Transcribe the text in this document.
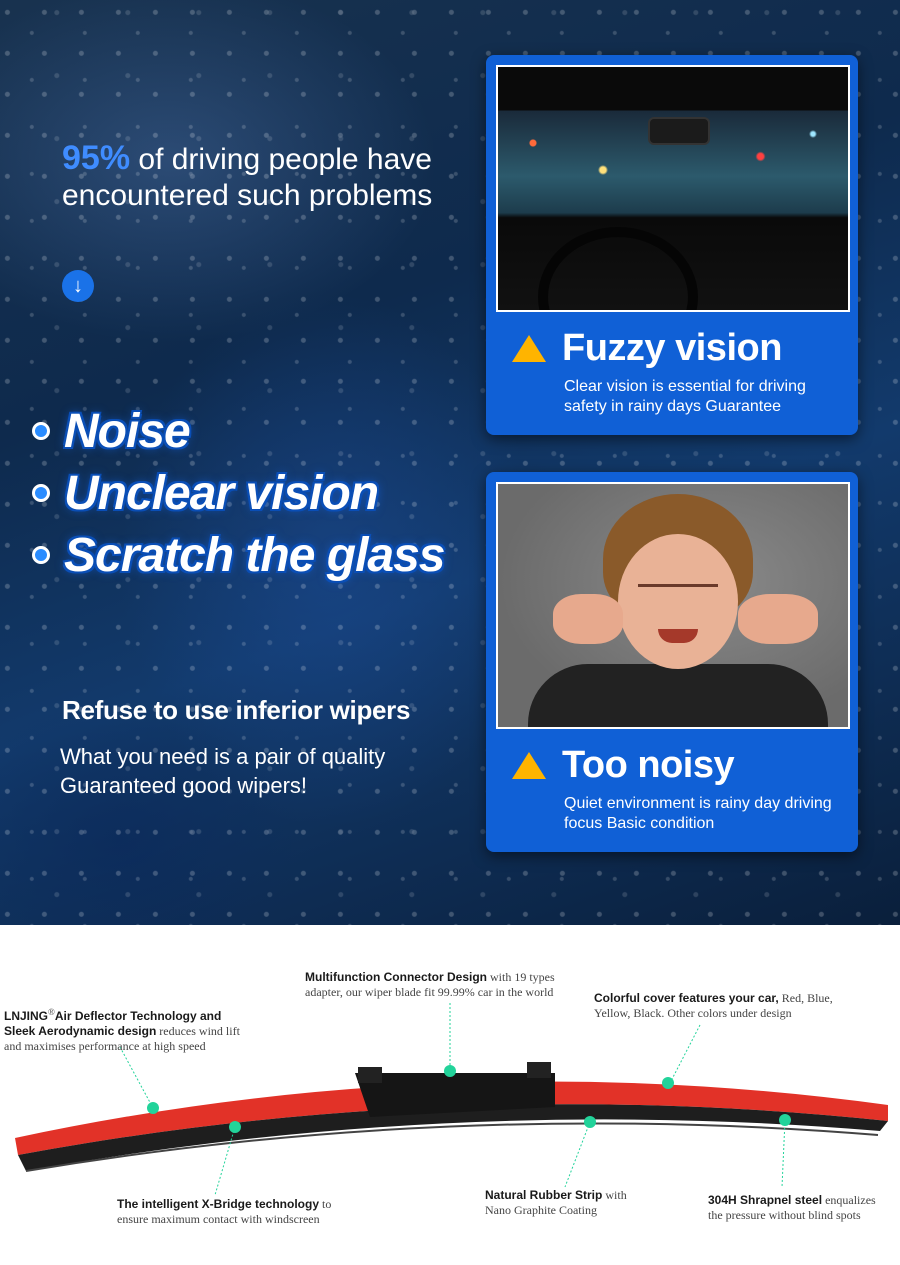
95% of driving people have encountered such problems

↓
Noise
Unclear vision
Scratch the glass

Refuse to use inferior wipers

What you need is a pair of quality Guaranteed good wipers!

Fuzzy vision

Clear vision is essential for driving safety in rainy days Guarantee

Too noisy

Quiet environment is rainy day driving focus Basic condition

Multifunction Connector Design with 19 types adapter, our wiper blade fit 99.99% car in the world

LNJING®Air Deflector Technology and Sleek Aerodynamic design reduces wind lift and maximises performance at high speed

Colorful cover features your car, Red, Blue, Yellow, Black. Other colors under design

The intelligent X-Bridge technology to ensure maximum contact with windscreen

Natural Rubber Strip with Nano Graphite Coating

304H Shrapnel steel enqualizes the pressure without blind spots
